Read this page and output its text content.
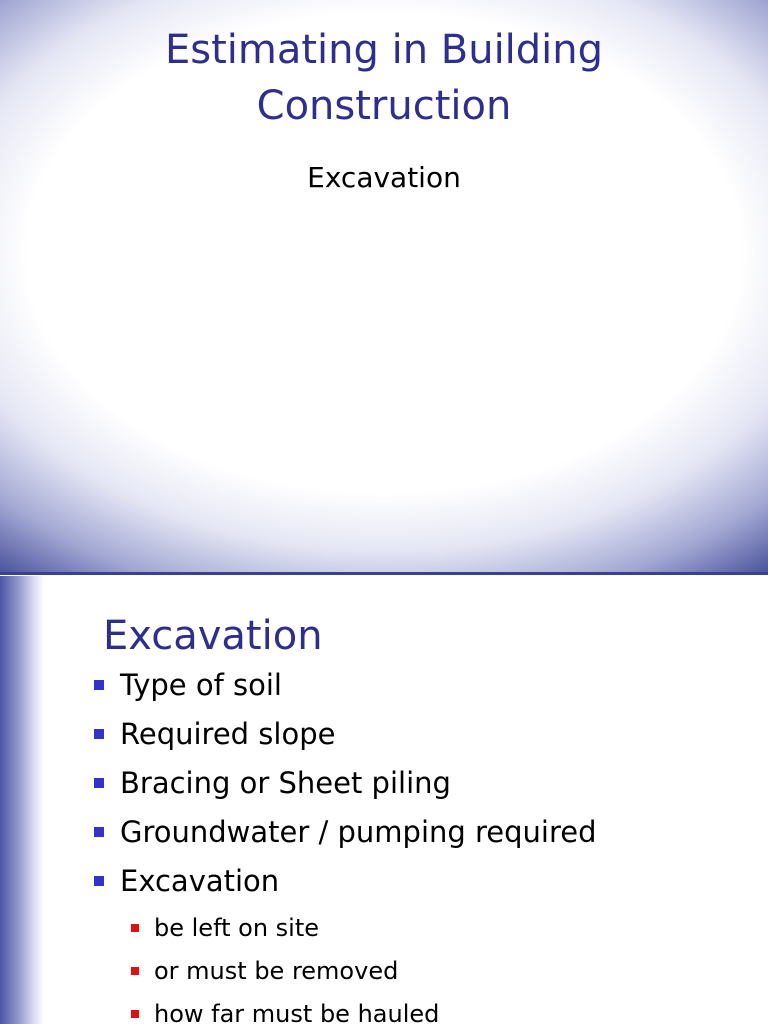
Estimating in Building
Construction
Excavation
Excavation
Type of soil
Required slope
Bracing or Sheet piling
Groundwater / pumping required
Excavation
be left on site
or must be removed
how far must be hauled
